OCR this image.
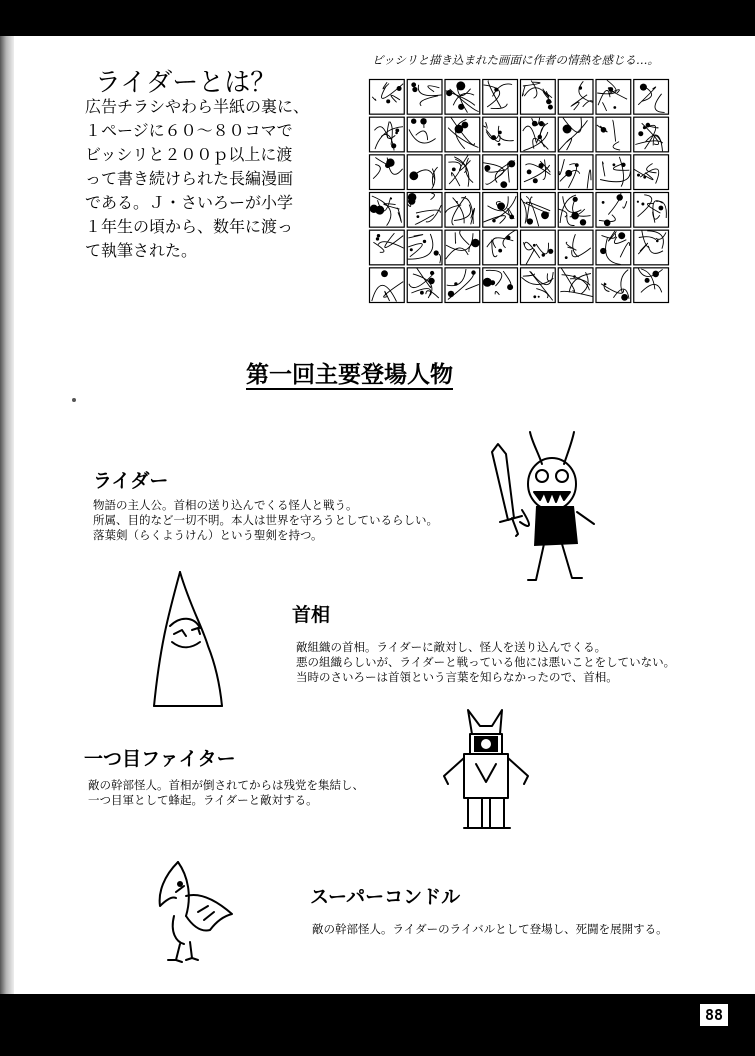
88
ライダーとは？

広告チラシやわら半紙の裏に、
１ページに６０～８０コマで
ビッシリと２００ｐ以上に渡
って書き続けられた長編漫画
である。Ｊ・さいろーが小学
１年生の頃から、数年に渡っ
て執筆された。

ビッシリと描き込まれた画面に作者の情熱を感じる…。
第一回主要登場人物
ライダー
物語の主人公。首相の送り込んでくる怪人と戦う。
所属、目的など一切不明。本人は世界を守ろうとしているらしい。
落葉剣（らくようけん）という聖剣を持つ。
首相
敵組織の首相。ライダーに敵対し、怪人を送り込んでくる。
悪の組織らしいが、ライダーと戦っている他には悪いことをしていない。
当時のさいろーは首領という言葉を知らなかったので、首相。
一つ目ファイター
敵の幹部怪人。首相が倒されてからは残党を集結し、
一つ目軍として蜂起。ライダーと敵対する。
スーパーコンドル
敵の幹部怪人。ライダーのライバルとして登場し、死闘を展開する。
